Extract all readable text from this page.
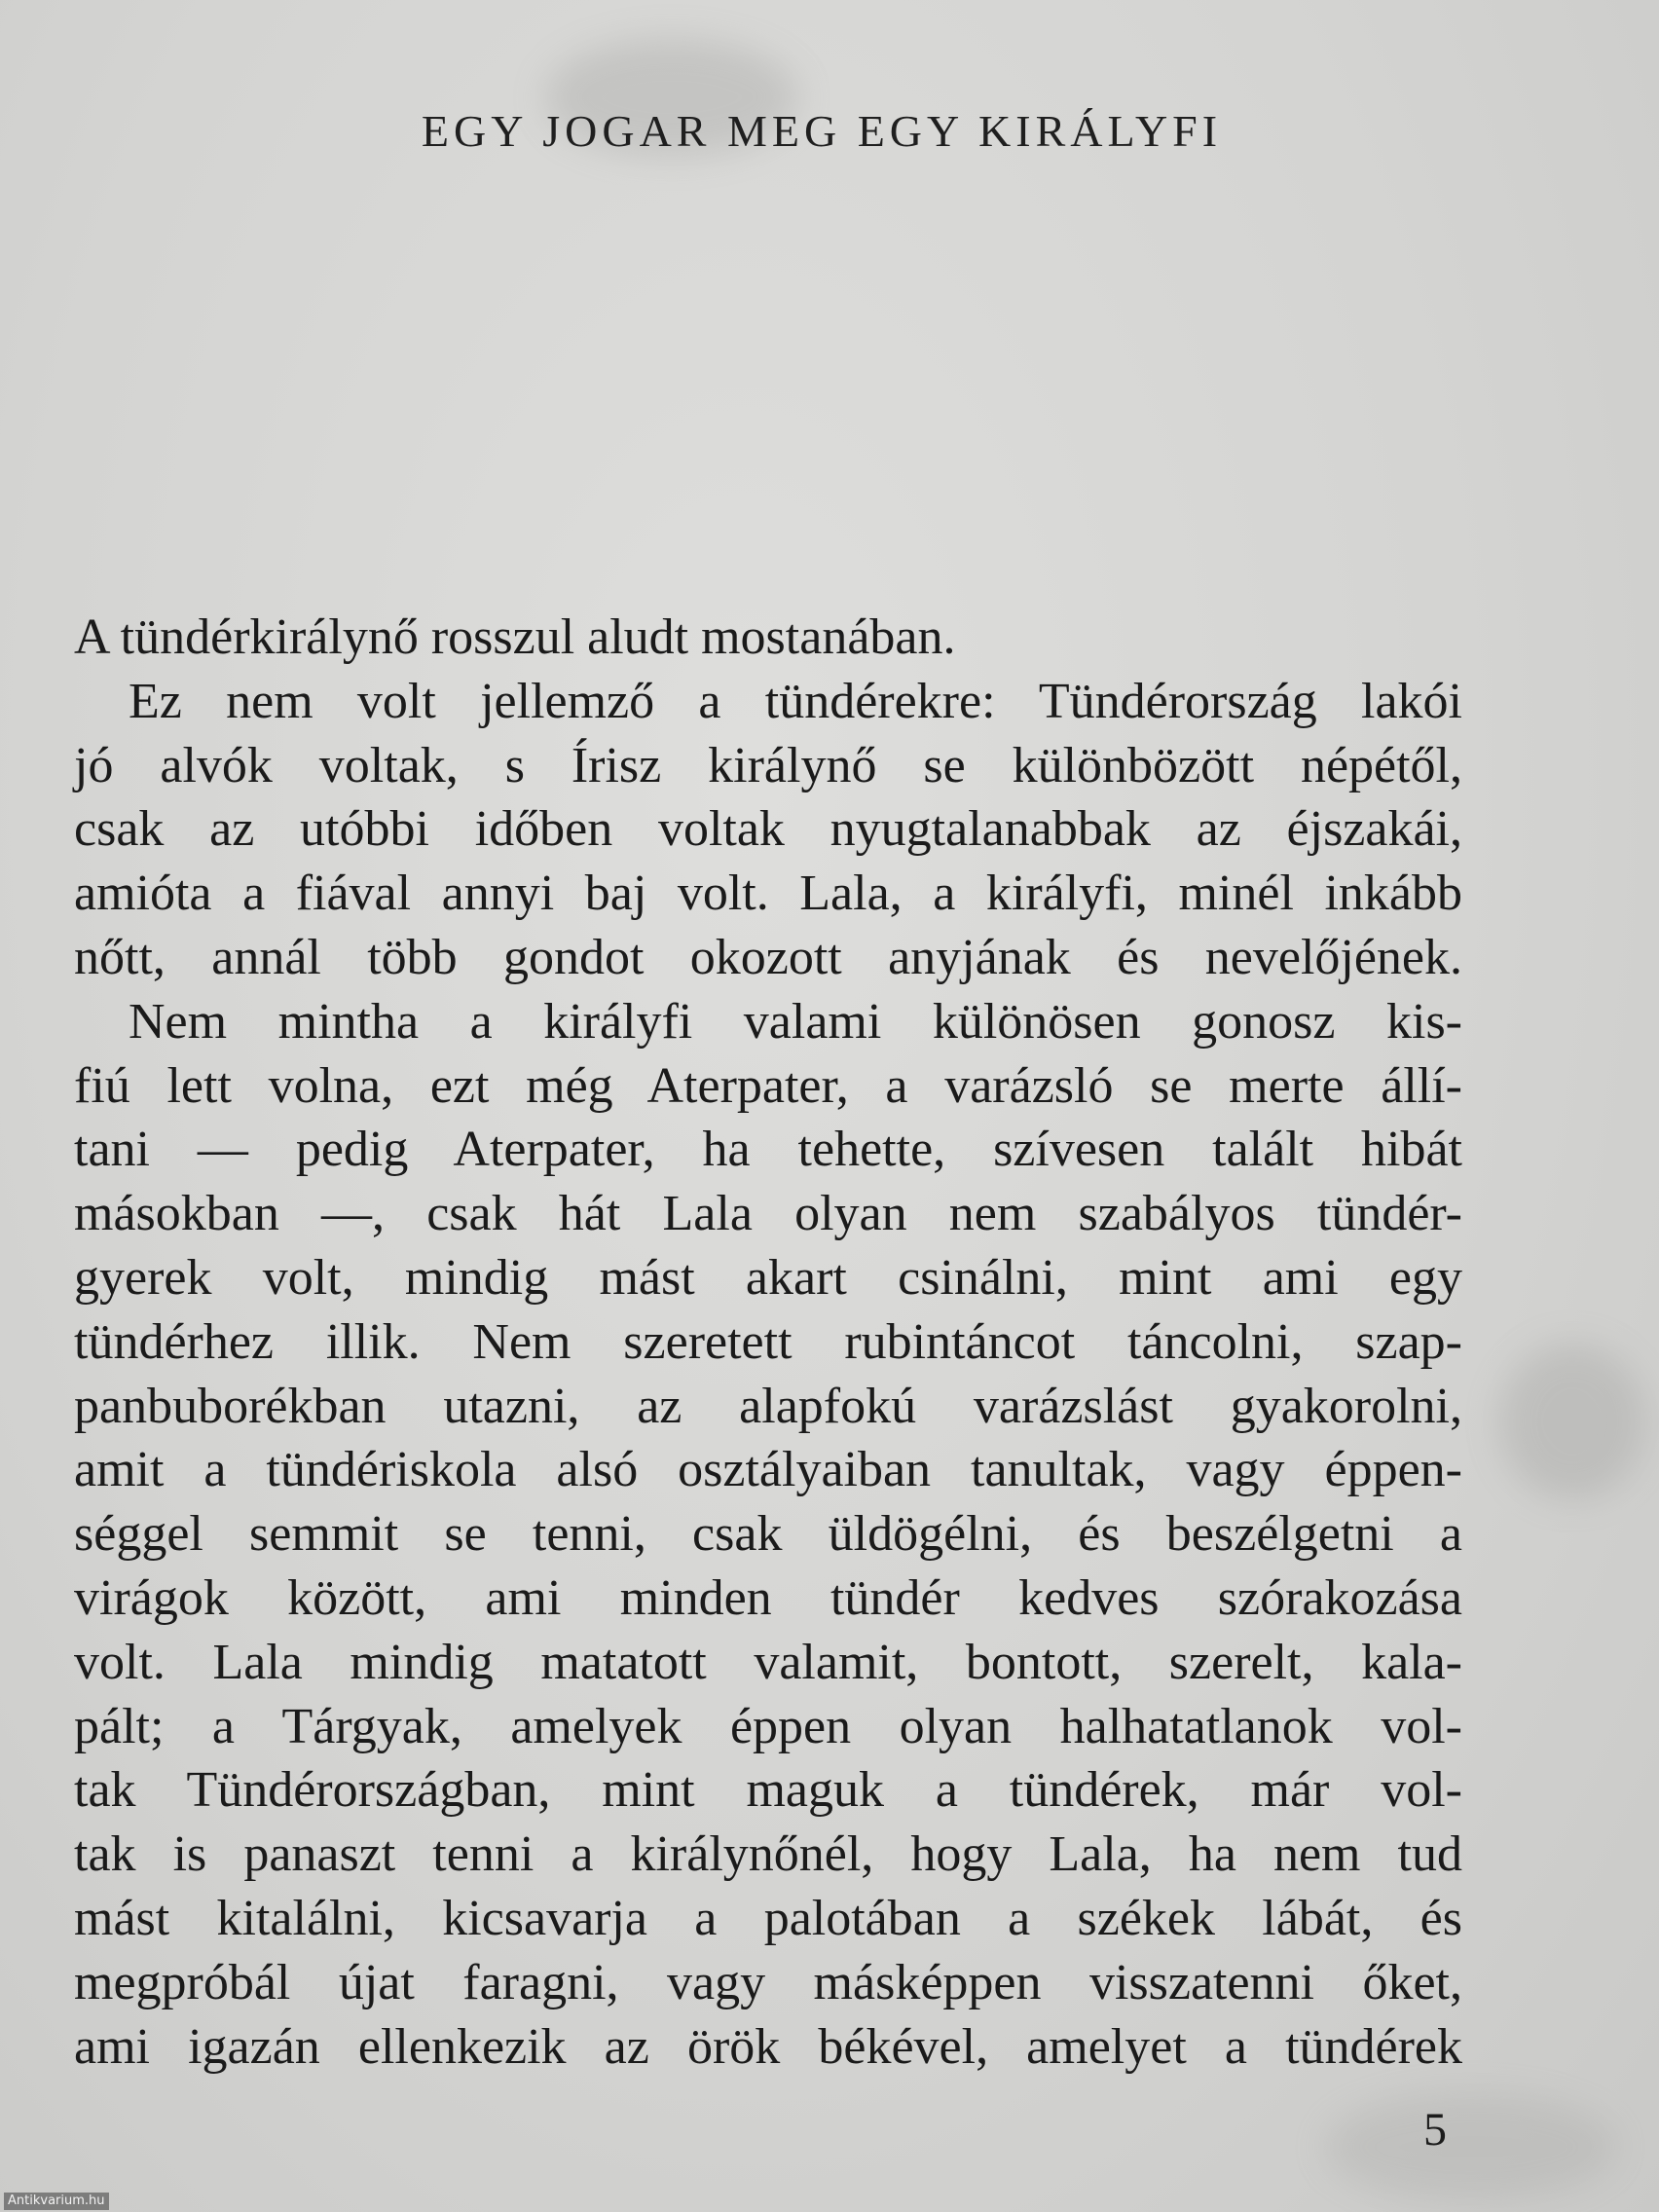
EGY JOGAR MEG EGY KIRÁLYFI
A tündérkirálynő rosszul aludt mostanában.
Ez nem volt jellemző a tündérekre: Tündérország lakói
jó alvók voltak, s Írisz királynő se különbözött népétől,
csak az utóbbi időben voltak nyugtalanabbak az éjszakái,
amióta a fiával annyi baj volt. Lala, a királyfi, minél inkább
nőtt, annál több gondot okozott anyjának és nevelőjének.
Nem mintha a királyfi valami különösen gonosz kis-
fiú lett volna, ezt még Aterpater, a varázsló se merte állí-
tani — pedig Aterpater, ha tehette, szívesen talált hibát
másokban —, csak hát Lala olyan nem szabályos tündér-
gyerek volt, mindig mást akart csinálni, mint ami egy
tündérhez illik. Nem szeretett rubintáncot táncolni, szap-
panbuborékban utazni, az alapfokú varázslást gyakorolni,
amit a tündériskola alsó osztályaiban tanultak, vagy éppen-
séggel semmit se tenni, csak üldögélni, és beszélgetni a
virágok között, ami minden tündér kedves szórakozása
volt. Lala mindig matatott valamit, bontott, szerelt, kala-
pált; a Tárgyak, amelyek éppen olyan halhatatlanok vol-
tak Tündérországban, mint maguk a tündérek, már vol-
tak is panaszt tenni a királynőnél, hogy Lala, ha nem tud
mást kitalálni, kicsavarja a palotában a székek lábát, és
megpróbál újat faragni, vagy másképpen visszatenni őket,
ami igazán ellenkezik az örök békével, amelyet a tündérek
5
Antikvarium.hu
